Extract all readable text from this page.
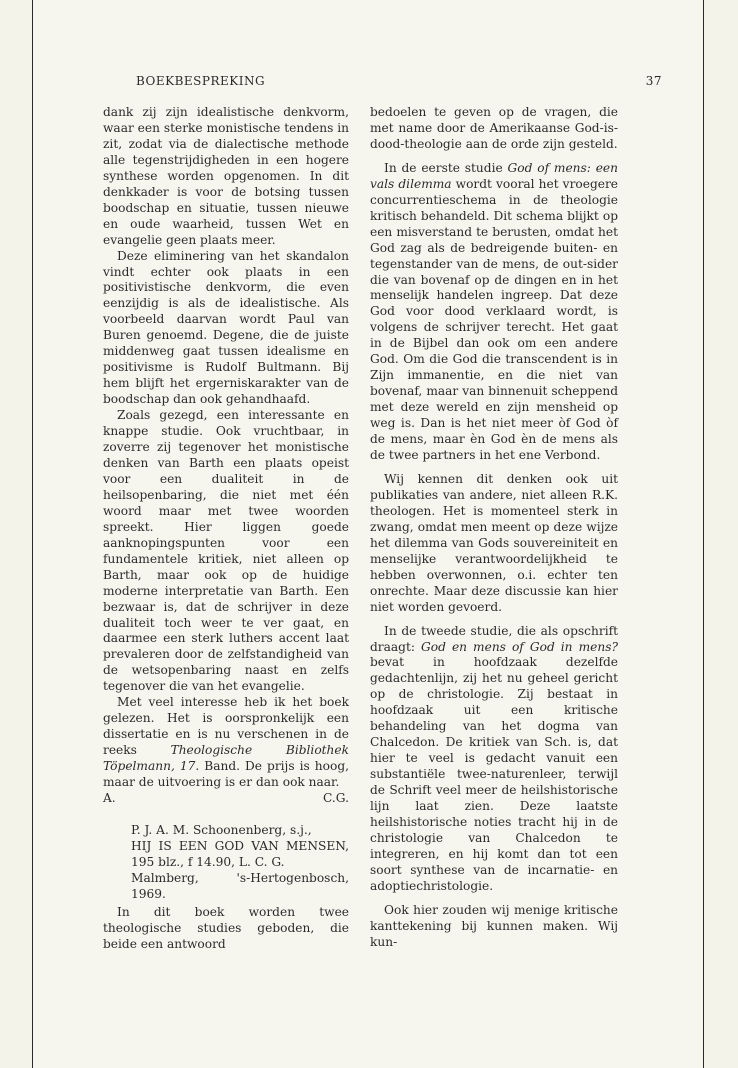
BOEKBESPREKING	37

dank zij zijn idealistische denkvorm, waar een sterke monistische tendens in zit, zodat via de dialectische methode alle tegenstrijdigheden in een hogere synthese worden opgenomen. In dit denkkader is voor de botsing tussen boodschap en situatie, tussen nieuwe en oude waarheid, tussen Wet en evangelie geen plaats meer.

Deze eliminering van het skandalon vindt echter ook plaats in een positivistische denkvorm, die even eenzijdig is als de idealistische. Als voorbeeld daarvan wordt Paul van Buren genoemd. Degene, die de juiste middenweg gaat tussen idealisme en positivisme is Rudolf Bultmann. Bij hem blijft het ergerniskarakter van de boodschap dan ook gehandhaafd.

Zoals gezegd, een interessante en knappe studie. Ook vruchtbaar, in zoverre zij tegenover het monistische denken van Barth een plaats opeist voor een dualiteit in de heilsopenbaring, die niet met één woord maar met twee woorden spreekt. Hier liggen goede aanknopingspunten voor een fundamentele kritiek, niet alleen op Barth, maar ook op de huidige moderne interpretatie van Barth. Een bezwaar is, dat de schrijver in deze dualiteit toch weer te ver gaat, en daarmee een sterk luthers accent laat prevaleren door de zelfstandigheid van de wetsopenbaring naast en zelfs tegenover die van het evangelie.

Met veel interesse heb ik het boek gelezen. Het is oorspronkelijk een dissertatie en is nu verschenen in de reeks Theologische Bibliothek Töpelmann, 17. Band. De prijs is hoog, maar de uitvoering is er dan ook naar.

A.	C.G.
P. J. A. M. Schoonenberg, s.j.,
HIJ IS EEN GOD VAN MENSEN, 195 blz., f 14.90, L. C. G.
Malmberg, 's-Hertogenbosch, 1969.

In dit boek worden twee theologische studies geboden, die beide een antwoord

bedoelen te geven op de vragen, die met name door de Amerikaanse God-is-dood-theologie aan de orde zijn gesteld.

In de eerste studie God of mens: een vals dilemma wordt vooral het vroegere concurrentieschema in de theologie kritisch behandeld. Dit schema blijkt op een misverstand te berusten, omdat het God zag als de bedreigende buiten- en tegenstander van de mens, de out-sider die van bovenaf op de dingen en in het menselijk handelen ingreep. Dat deze God voor dood verklaard wordt, is volgens de schrijver terecht. Het gaat in de Bijbel dan ook om een andere God. Om die God die transcendent is in Zijn immanentie, en die niet van bovenaf, maar van binnenuit scheppend met deze wereld en zijn mensheid op weg is. Dan is het niet meer òf God òf de mens, maar èn God èn de mens als de twee partners in het ene Verbond.

Wij kennen dit denken ook uit publikaties van andere, niet alleen R.K. theologen. Het is momenteel sterk in zwang, omdat men meent op deze wijze het dilemma van Gods souvereiniteit en menselijke verantwoordelijkheid te hebben overwonnen, o.i. echter ten onrechte. Maar deze discussie kan hier niet worden gevoerd.

In de tweede studie, die als opschrift draagt: God en mens of God in mens? bevat in hoofdzaak dezelfde gedachtenlijn, zij het nu geheel gericht op de christologie. Zij bestaat in hoofdzaak uit een kritische behandeling van het dogma van Chalcedon. De kritiek van Sch. is, dat hier te veel is gedacht vanuit een substantiële twee-naturenleer, terwijl de Schrift veel meer de heilshistorische lijn laat zien. Deze laatste heilshistorische noties tracht hij in de christologie van Chalcedon te integreren, en hij komt dan tot een soort synthese van de incarnatie- en adoptiechristologie.

Ook hier zouden wij menige kritische kanttekening bij kunnen maken. Wij kun-
